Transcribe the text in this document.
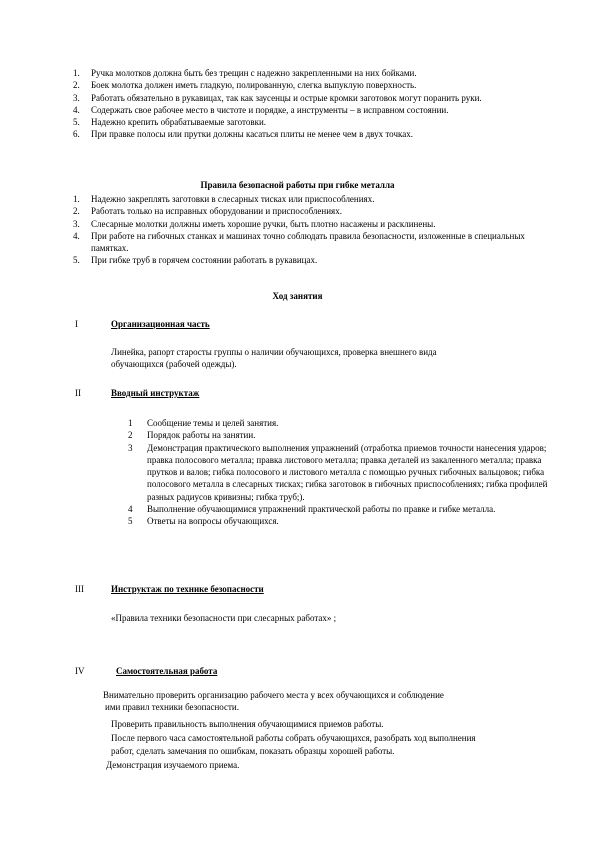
1. Ручка молотков должна быть без трещин с надежно закрепленными на них бойками.
2. Боек молотка должен иметь гладкую, полированную, слегка выпуклую поверхность.
3. Работать обязательно в рукавицах, так как заусенцы и острые кромки заготовок могут поранить руки.
4. Содержать свое рабочее место в чистоте и порядке, а инструменты – в исправном состоянии.
5. Надежно крепить обрабатываемые заготовки.
6. При правке полосы или прутки должны касаться плиты не менее чем в двух точках.
Правила безопасной работы при гибке металла
1. Надежно закреплять заготовки в слесарных тисках или приспособлениях.
2. Работать только на исправных оборудовании и приспособлениях.
3. Слесарные молотки должны иметь хорошие ручки, быть плотно насажены и расклинены.
4. При работе на гибочных станках и машинах точно соблюдать правила безопасности, изложенные в специальных памятках.
5. При гибке труб в горячем состоянии работать в рукавицах.
Ход занятия
I	Организационная часть
Линейка, рапорт старосты группы о наличии обучающихся, проверка внешнего вида обучающихся (рабочей одежды).
II	Вводный инструктаж
1 Сообщение темы и целей занятия.
2 Порядок работы на занятии.
3 Демонстрация практического выполнения упражнений (отработка приемов точности нанесения ударов; правка полосового металла; правка листового металла; правка деталей из закаленного металла; правка прутков и валов; гибка полосового и листового металла с помощью ручных гибочных вальцовок; гибка полосового металла в слесарных тисках; гибка заготовок в гибочных приспособлениях; гибка профилей разных радиусов кривизны; гибка труб;).
4 Выполнение обучающимися упражнений практической работы по правке и гибке металла.
5 Ответы на вопросы обучающихся.
III	Инструктаж по технике безопасности
«Правила техники безопасности при слесарных работах» ;
IV	Самостоятельная работа
Внимательно проверить организацию рабочего места у всех обучающихся и соблюдение
ими правил техники безопасности.
Проверить правильность выполнения обучающимися приемов работы.
После первого часа самостоятельной работы собрать обучающихся, разобрать ход выполнения
работ, сделать замечания по ошибкам, показать образцы хорошей работы.
Демонстрация изучаемого приема.
